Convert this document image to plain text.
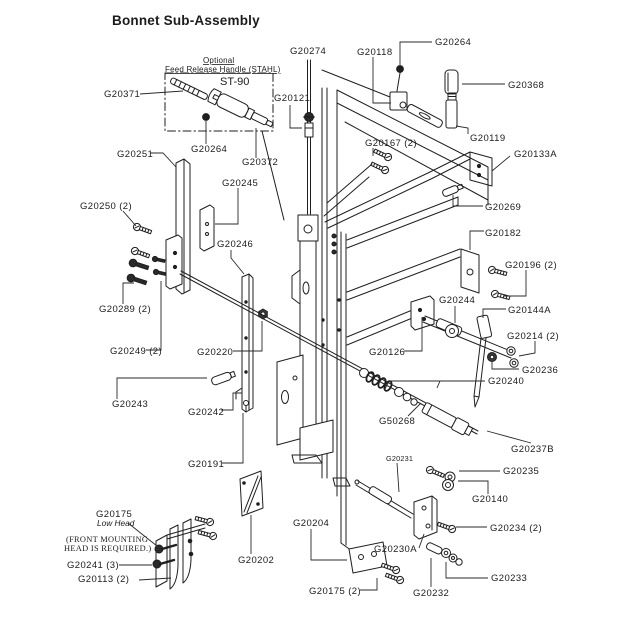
Bonnet Sub-Assembly
Optional
Feed Release Handle (STAHL)
ST-90
G20371
G20274	G20118
G20264
G20368
G20121
G20119
G20167 (2)
G20133A
G20251	G20264
G20372
G20245
G20269
G20250 (2)
G20182
G20246
G20196 (2)
G20289 (2)
G20244
G20144A
G20214 (2)
G20249 (2)	G20220	G20126
G20236
G20240
G20243
G20242
G50268
G20237B
G20191
G20231
G20235
G20140
G20234 (2)
G20204
G20230A
G20241 (3)	G20202
G20113 (2)	G20233
G20175 (2)	G20232
G20175
Low Head
(FRONT MOUNTING
HEAD IS REQUIRED.)
